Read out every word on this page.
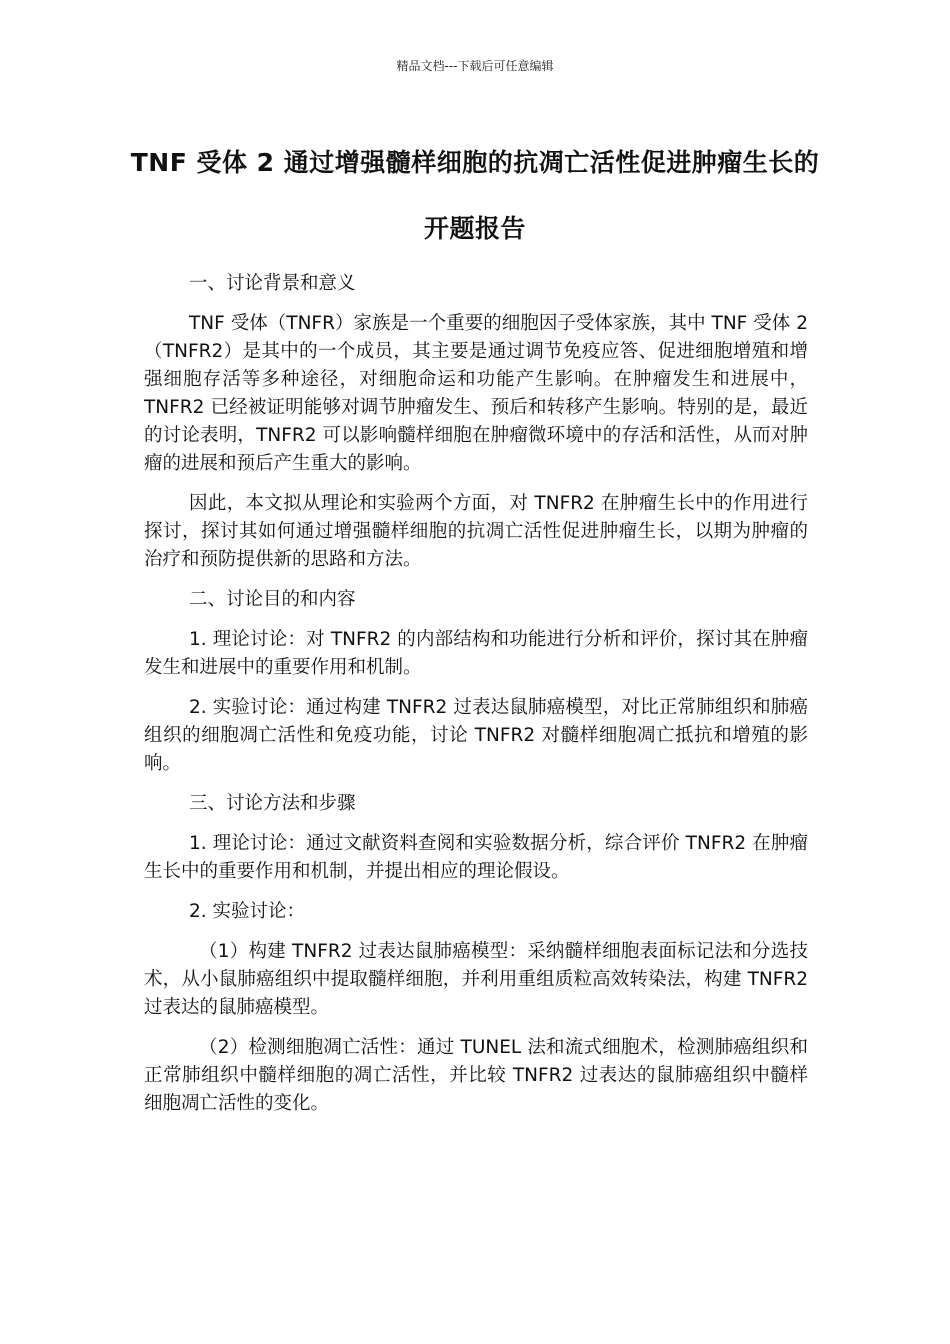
精品文档---下载后可任意编辑
TNF 受体 2 通过增强髓样细胞的抗凋亡活性促进肿瘤生长的开题报告

一、讨论背景和意义

TNF 受体（TNFR）家族是一个重要的细胞因子受体家族，其中 TNF 受体 2（TNFR2）是其中的一个成员，其主要是通过调节免疫应答、促进细胞增殖和增强细胞存活等多种途径，对细胞命运和功能产生影响。在肿瘤发生和进展中，TNFR2 已经被证明能够对调节肿瘤发生、预后和转移产生影响。特别的是，最近的讨论表明，TNFR2 可以影响髓样细胞在肿瘤微环境中的存活和活性，从而对肿瘤的进展和预后产生重大的影响。

因此，本文拟从理论和实验两个方面，对 TNFR2 在肿瘤生长中的作用进行探讨，探讨其如何通过增强髓样细胞的抗凋亡活性促进肿瘤生长，以期为肿瘤的治疗和预防提供新的思路和方法。

二、讨论目的和内容

1. 理论讨论：对 TNFR2 的内部结构和功能进行分析和评价，探讨其在肿瘤发生和进展中的重要作用和机制。

2. 实验讨论：通过构建 TNFR2 过表达鼠肺癌模型，对比正常肺组织和肺癌组织的细胞凋亡活性和免疫功能，讨论 TNFR2 对髓样细胞凋亡抵抗和增殖的影响。

三、讨论方法和步骤

1. 理论讨论：通过文献资料查阅和实验数据分析，综合评价 TNFR2 在肿瘤生长中的重要作用和机制，并提出相应的理论假设。

2. 实验讨论：

（1）构建 TNFR2 过表达鼠肺癌模型：采纳髓样细胞表面标记法和分选技术，从小鼠肺癌组织中提取髓样细胞，并利用重组质粒高效转染法，构建 TNFR2 过表达的鼠肺癌模型。

（2）检测细胞凋亡活性：通过 TUNEL 法和流式细胞术，检测肺癌组织和正常肺组织中髓样细胞的凋亡活性，并比较 TNFR2 过表达的鼠肺癌组织中髓样细胞凋亡活性的变化。
